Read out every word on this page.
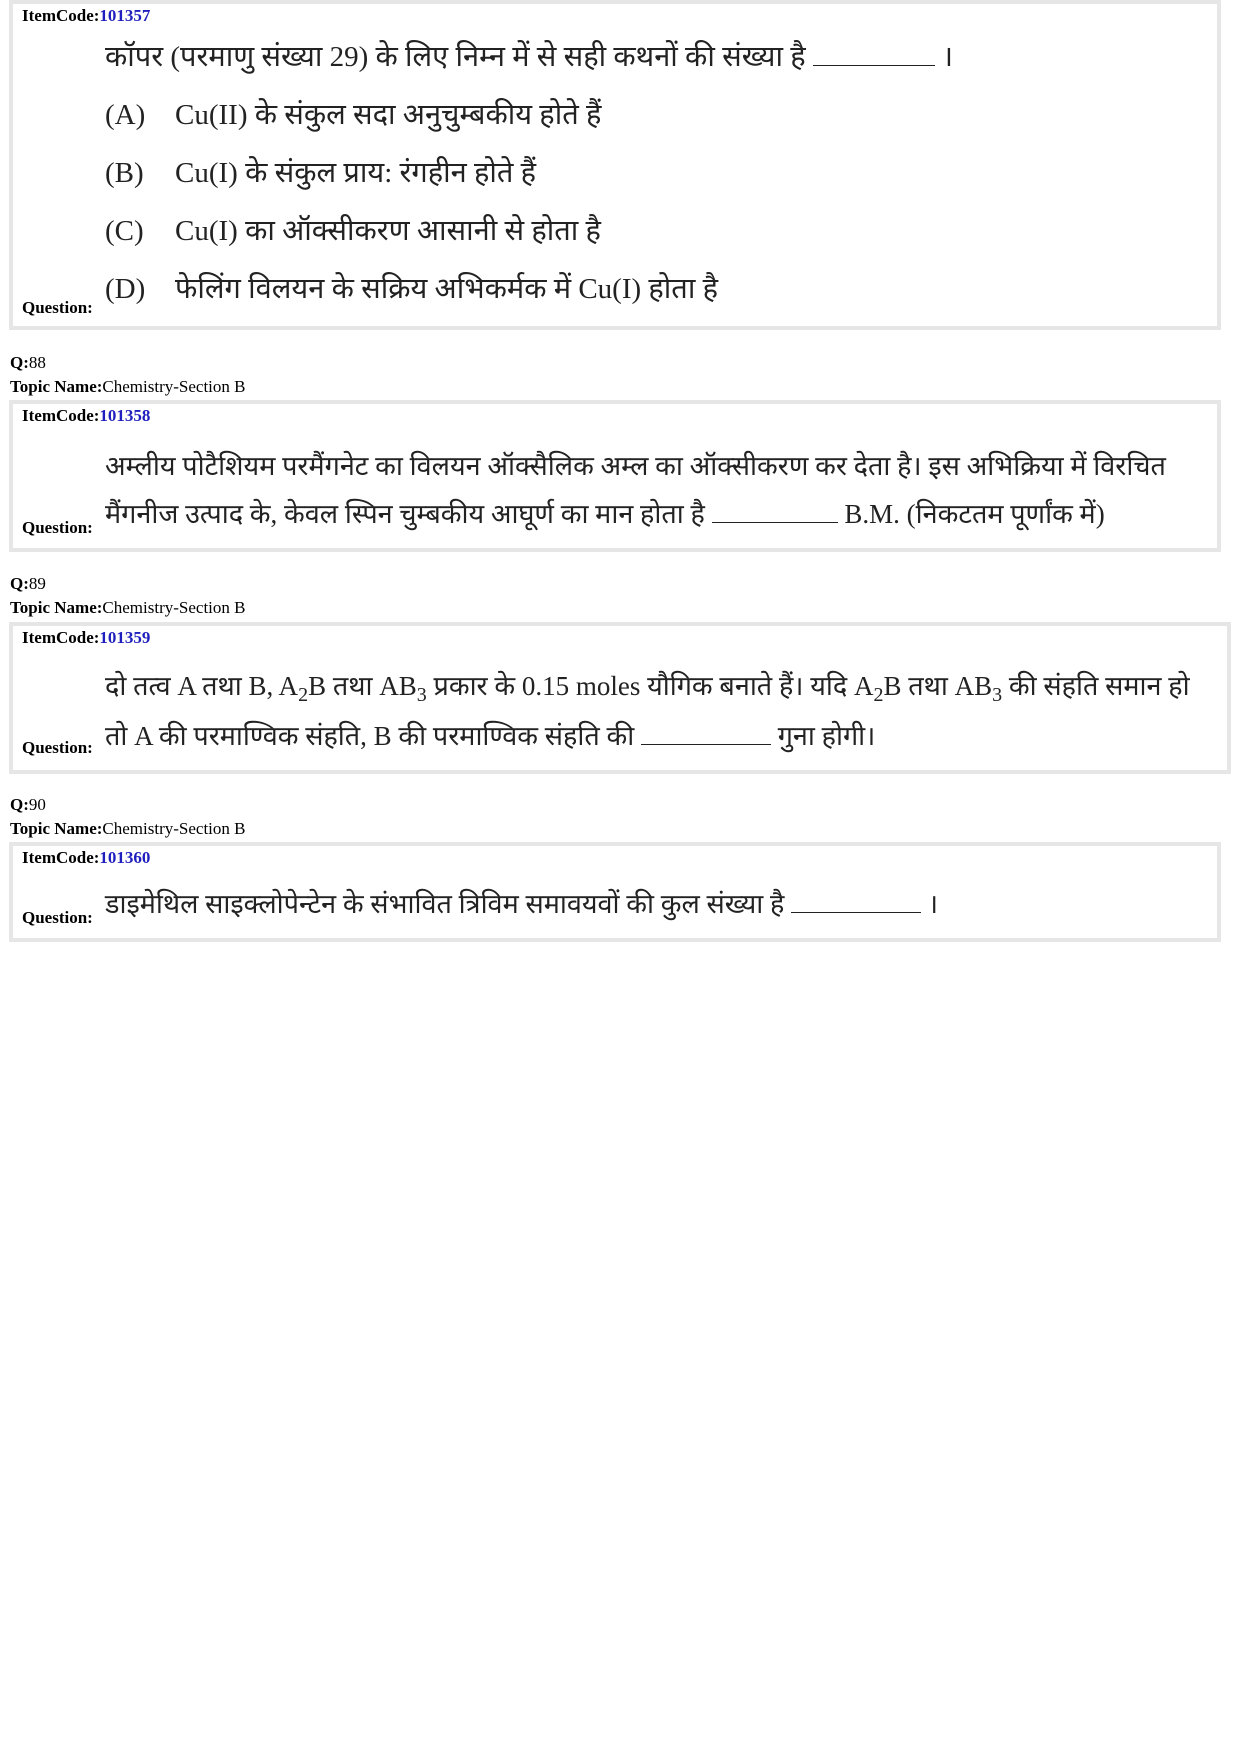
ItemCode:101357
कॉपर (परमाणु संख्या 29) के लिए निम्न में से सही कथनों की संख्या है	।
(A) Cu(II) के संकुल सदा अनुचुम्बकीय होते हैं
(B) Cu(I) के संकुल प्राय: रंगहीन होते हैं
(C) Cu(I) का ऑक्सीकरण आसानी से होता है
(D) फेलिंग विलयन के सक्रिय अभिकर्मक में Cu(I) होता है
Question:
Q:88
Topic Name:Chemistry-Section B
ItemCode:101358
अम्लीय पोटैशियम परमैंगनेट का विलयन ऑक्सैलिक अम्ल का ऑक्सीकरण कर देता है। इस अभिक्रिया में विरचित
मैंगनीज उत्पाद के, केवल स्पिन चुम्बकीय आघूर्ण का मान होता है	B.M. (निकटतम पूर्णांक में)
Question:
Q:89
Topic Name:Chemistry-Section B
ItemCode:101359
दो तत्व A तथा B, $A_2B$ तथा $AB_3$ प्रकार के 0.15 moles यौगिक बनाते हैं। यदि $A_2B$ तथा $AB_3$ की संहति समान हो
तो A की परमाण्विक संहति, B की परमाण्विक संहति की	गुना होगी।
Question:
Q:90
Topic Name:Chemistry-Section B
ItemCode:101360
डाइमेथिल साइक्लोपेन्टेन के संभावित त्रिविम समावयवों की कुल संख्या है	।
Question:
